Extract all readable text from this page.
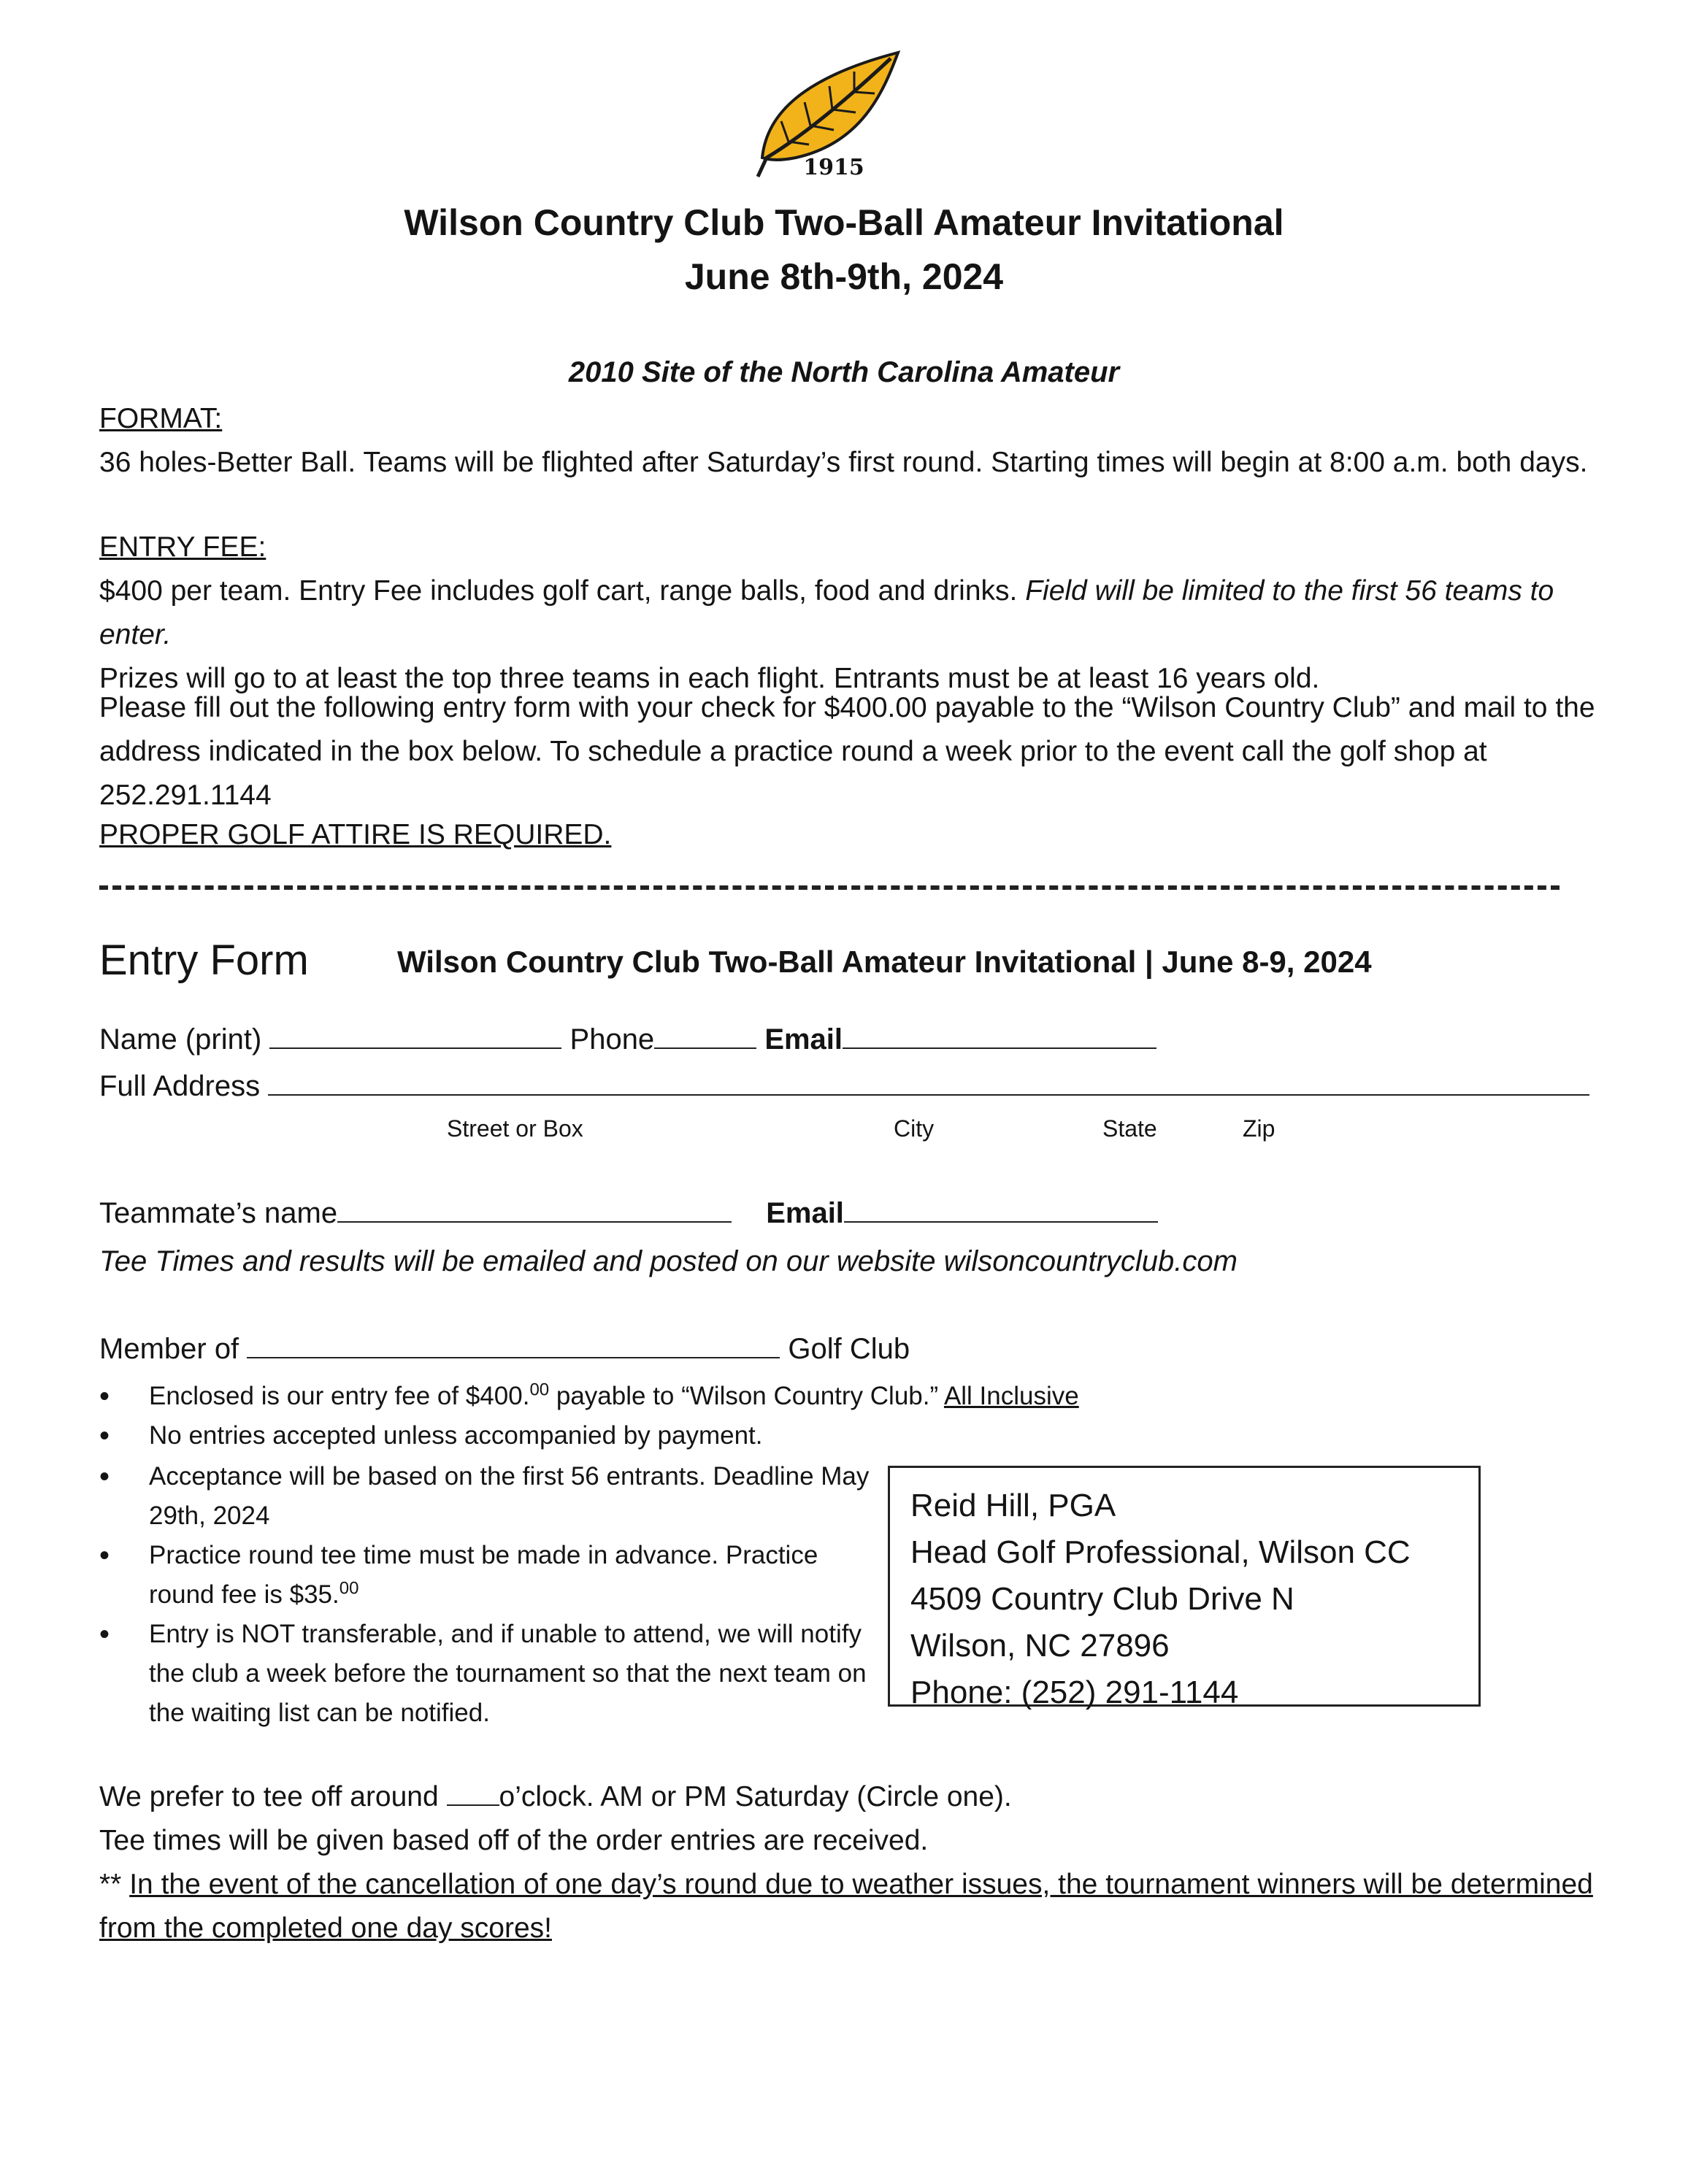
1915
Wilson Country Club Two-Ball Amateur Invitational
June 8th-9th, 2024
2010 Site of the North Carolina Amateur
FORMAT:
36 holes-Better Ball. Teams will be flighted after Saturday’s first round. Starting times will begin at 8:00 a.m. both days.
ENTRY FEE:
$400 per team. Entry Fee includes golf cart, range balls, food and drinks. Field will be limited to the first 56 teams to enter.
Prizes will go to at least the top three teams in each flight. Entrants must be at least 16 years old.
Please fill out the following entry form with your check for $400.00 payable to the “Wilson Country Club” and mail to the address indicated in the box below. To schedule a practice round a week prior to the event call the golf shop at 252.291.1144
PROPER GOLF ATTIRE IS REQUIRED.
Entry Form	Wilson Country Club Two-Ball Amateur Invitational | June 8-9, 2024
Name (print)	Phone	Email
Full Address
Street or Box	City	State	Zip
Teammate’s name	Email
Tee Times and results will be emailed and posted on our website wilsoncountryclub.com
Member of	Golf Club
• Enclosed is our entry fee of $400.00 payable to “Wilson Country Club.” All Inclusive
• No entries accepted unless accompanied by payment.
• Acceptance will be based on the first 56 entrants. Deadline May 29th, 2024
• Practice round tee time must be made in advance. Practice round fee is $35.00
• Entry is NOT transferable, and if unable to attend, we will notify the club a week before the tournament so that the next team on the waiting list can be notified.
Reid Hill, PGA
Head Golf Professional, Wilson CC
4509 Country Club Drive N
Wilson, NC 27896
Phone: (252) 291-1144
We prefer to tee off around o’clock. AM or PM Saturday (Circle one).
Tee times will be given based off of the order entries are received.
** In the event of the cancellation of one day’s round due to weather issues, the tournament winners will be determined from the completed one day scores!
